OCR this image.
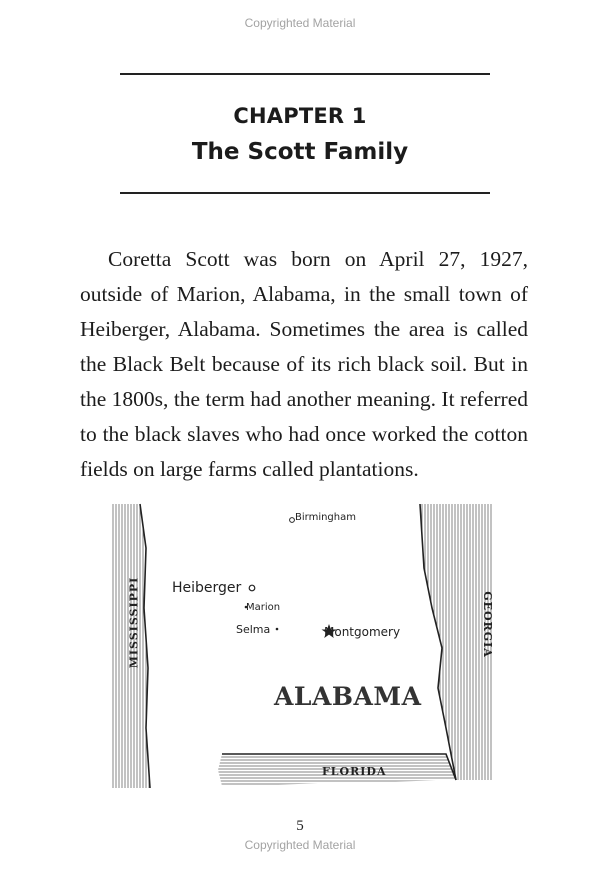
Copyrighted Material
CHAPTER 1
The Scott Family

Coretta Scott was born on April 27, 1927, outside of Marion, Alabama, in the small town of Heiberger, Alabama. Sometimes the area is called the Black Belt because of its rich black soil. But in the 1800s, the term had another meaning. It referred to the black slaves who had once worked the cotton fields on large farms called plantations.

Birmingham
Heiberger
Marion
Selma	Montgomery
ALABAMA
FLORIDA
MISSISSIPPI	GEORGIA
5
Copyrighted Material
